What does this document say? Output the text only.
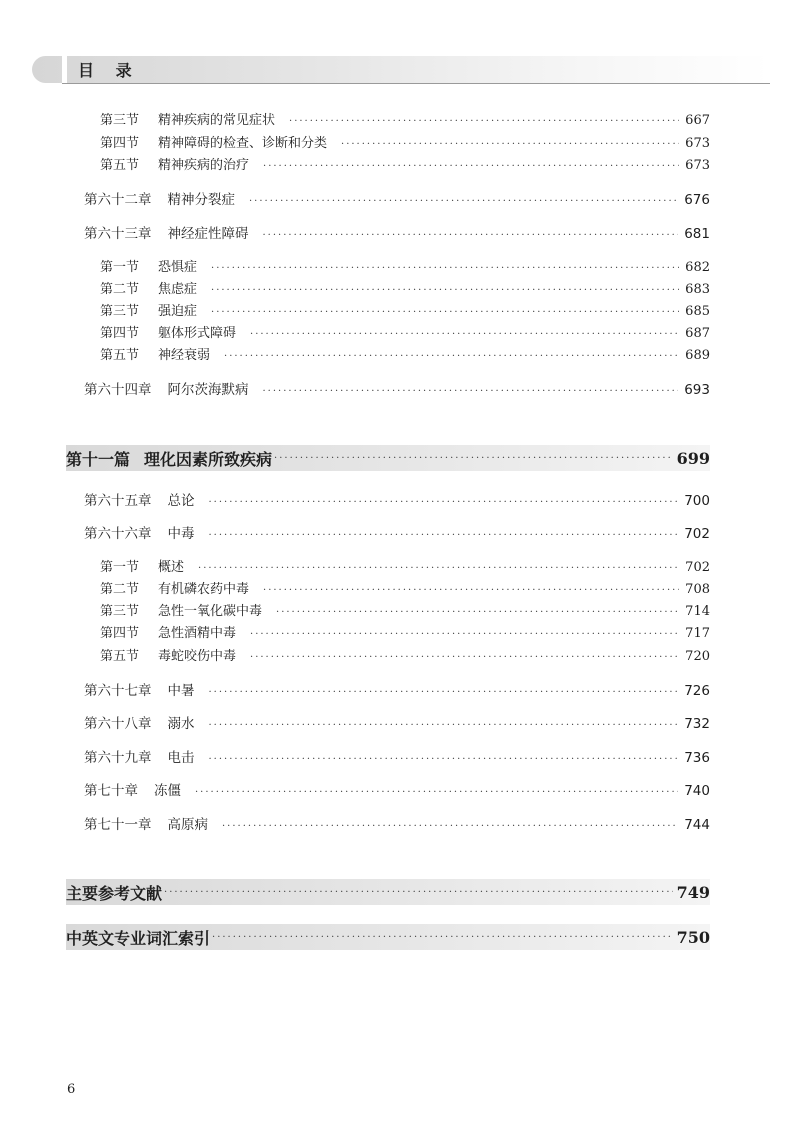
目 录
第三节	精神疾病的常见症状 ·····	667
第四节	精神障碍的检查、诊断和分类 ·····	673
第五节	精神疾病的治疗 ·····	673
第六十二章 精神分裂症 ·····	676
第六十三章 神经症性障碍 ·····	681
第一节	恐惧症 ·····	682
第二节	焦虑症 ·····	683
第三节	强迫症 ·····	685
第四节	躯体形式障碍 ·····	687
第五节	神经衰弱 ·····	689
第六十四章 阿尔茨海默病 ·····	693
第十一篇 理化因素所致疾病 ·····	699
第六十五章 总论 ·····	700
第六十六章 中毒 ·····	702
第一节	概述 ·····	702
第二节	有机磷农药中毒 ·····	708
第三节	急性一氧化碳中毒 ·····	714
第四节	急性酒精中毒 ·····	717
第五节	毒蛇咬伤中毒 ·····	720
第六十七章 中暑 ·····	726
第六十八章 溺水 ·····	732
第六十九章 电击 ·····	736
第七十章 冻僵 ·····	740
第七十一章 高原病 ·····	744
主要参考文献 ·····	749
中英文专业词汇索引 ·····	750
6
